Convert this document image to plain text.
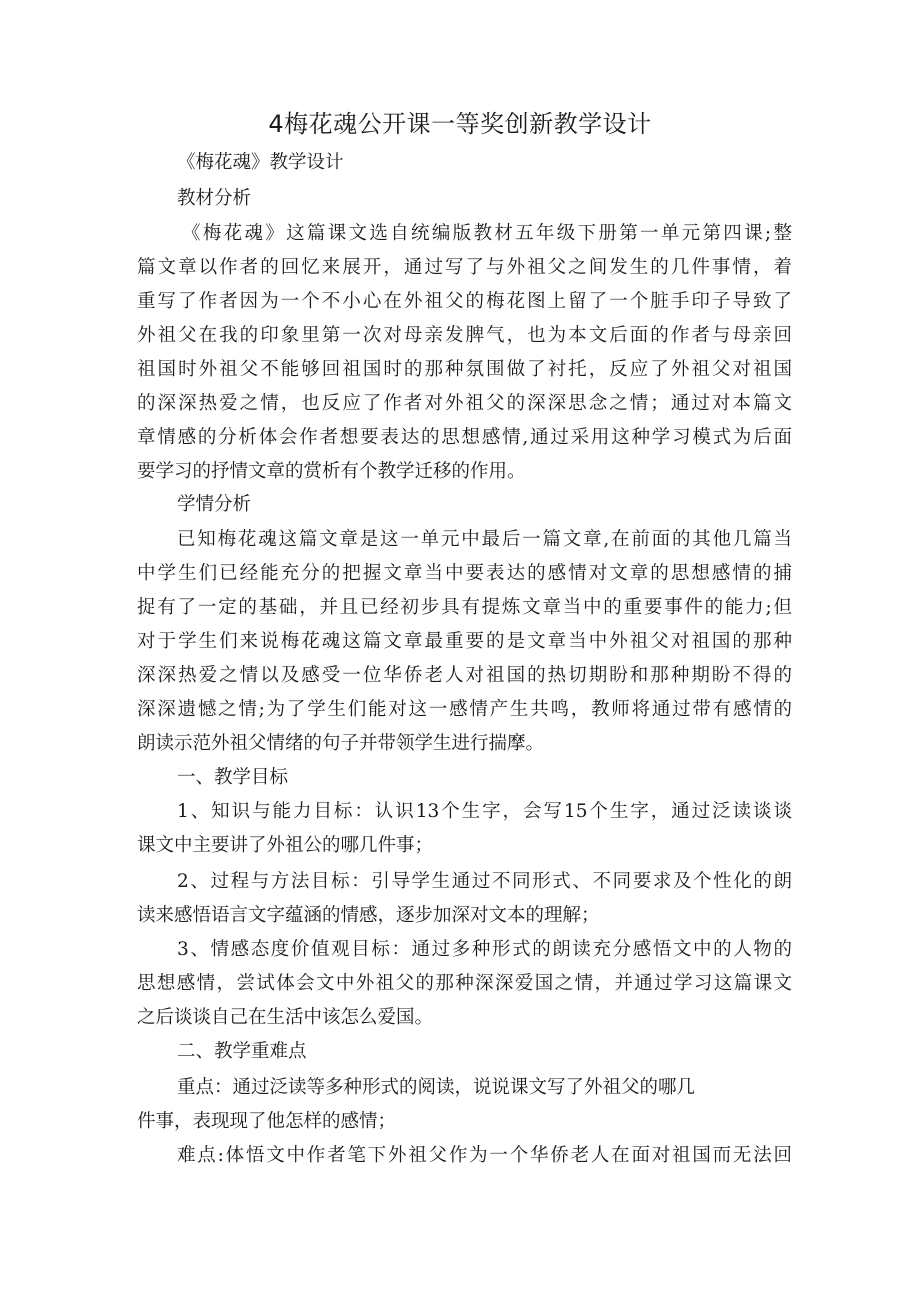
4梅花魂公开课一等奖创新教学设计
《梅花魂》教学设计
教材分析
《梅花魂》这篇课文选自统编版教材五年级下册第一单元第四课;整
篇文章以作者的回忆来展开，通过写了与外祖父之间发生的几件事情，着
重写了作者因为一个不小心在外祖父的梅花图上留了一个脏手印子导致了
外祖父在我的印象里第一次对母亲发脾气，也为本文后面的作者与母亲回
祖国时外祖父不能够回祖国时的那种氛围做了衬托，反应了外祖父对祖国
的深深热爱之情，也反应了作者对外祖父的深深思念之情；通过对本篇文
章情感的分析体会作者想要表达的思想感情,通过采用这种学习模式为后面
要学习的抒情文章的赏析有个教学迁移的作用。
学情分析
已知梅花魂这篇文章是这一单元中最后一篇文章,在前面的其他几篇当
中学生们已经能充分的把握文章当中要表达的感情对文章的思想感情的捕
捉有了一定的基础，并且已经初步具有提炼文章当中的重要事件的能力;但
对于学生们来说梅花魂这篇文章最重要的是文章当中外祖父对祖国的那种
深深热爱之情以及感受一位华侨老人对祖国的热切期盼和那种期盼不得的
深深遗憾之情;为了学生们能对这一感情产生共鸣，教师将通过带有感情的
朗读示范外祖父情绪的句子并带领学生进行揣摩。
一、教学目标
1、知识与能力目标：认识13个生字，会写15个生字，通过泛读谈谈
课文中主要讲了外祖公的哪几件事；
2、过程与方法目标：引导学生通过不同形式、不同要求及个性化的朗
读来感悟语言文字蕴涵的情感，逐步加深对文本的理解；
3、情感态度价值观目标：通过多种形式的朗读充分感悟文中的人物的
思想感情，尝试体会文中外祖父的那种深深爱国之情，并通过学习这篇课文
之后谈谈自己在生活中该怎么爱国。
二、教学重难点
重点：通过泛读等多种形式的阅读，说说课文写了外祖父的哪几
件事，表现现了他怎样的感情；
难点:体悟文中作者笔下外祖父作为一个华侨老人在面对祖国而无法回
